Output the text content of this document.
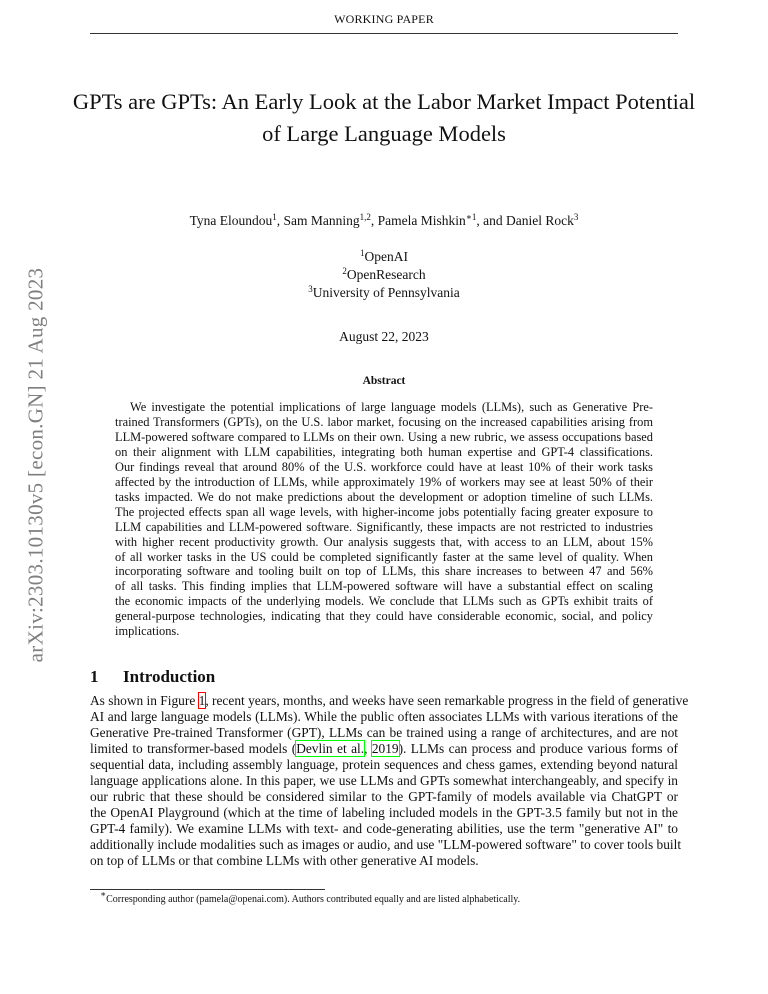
WORKING PAPER
arXiv:2303.10130v5 [econ.GN] 21 Aug 2023
GPTs are GPTs: An Early Look at the Labor Market Impact Potential
of Large Language Models
Tyna Eloundou$^1$, Sam Manning$^{1,2}$, Pamela Mishkin$^{∗1}$, and Daniel Rock$^3$
$^1$OpenAI
$^2$OpenResearch
$^3$University of Pennsylvania
August 22, 2023
Abstract
We investigate the potential implications of large language models (LLMs), such as Generative Pre-
trained Transformers (GPTs), on the U.S. labor market, focusing on the increased capabilities arising from
LLM-powered software compared to LLMs on their own. Using a new rubric, we assess occupations based
on their alignment with LLM capabilities, integrating both human expertise and GPT-4 classifications.
Our findings reveal that around 80% of the U.S. workforce could have at least 10% of their work tasks
affected by the introduction of LLMs, while approximately 19% of workers may see at least 50% of their
tasks impacted. We do not make predictions about the development or adoption timeline of such LLMs.
The projected effects span all wage levels, with higher-income jobs potentially facing greater exposure to
LLM capabilities and LLM-powered software. Significantly, these impacts are not restricted to industries
with higher recent productivity growth. Our analysis suggests that, with access to an LLM, about 15%
of all worker tasks in the US could be completed significantly faster at the same level of quality. When
incorporating software and tooling built on top of LLMs, this share increases to between 47 and 56%
of all tasks. This finding implies that LLM-powered software will have a substantial effect on scaling
the economic impacts of the underlying models. We conclude that LLMs such as GPTs exhibit traits of
general-purpose technologies, indicating that they could have considerable economic, social, and policy
implications.
1 Introduction
As shown in Figure 1, recent years, months, and weeks have seen remarkable progress in the field of generative
AI and large language models (LLMs). While the public often associates LLMs with various iterations of the
Generative Pre-trained Transformer (GPT), LLMs can be trained using a range of architectures, and are not
limited to transformer-based models (Devlin et al., 2019). LLMs can process and produce various forms of
sequential data, including assembly language, protein sequences and chess games, extending beyond natural
language applications alone. In this paper, we use LLMs and GPTs somewhat interchangeably, and specify in
our rubric that these should be considered similar to the GPT-family of models available via ChatGPT or
the OpenAI Playground (which at the time of labeling included models in the GPT-3.5 family but not in the
GPT-4 family). We examine LLMs with text- and code-generating abilities, use the term "generative AI" to
additionally include modalities such as images or audio, and use "LLM-powered software" to cover tools built
on top of LLMs or that combine LLMs with other generative AI models.
∗Corresponding author (pamela@openai.com). Authors contributed equally and are listed alphabetically.
